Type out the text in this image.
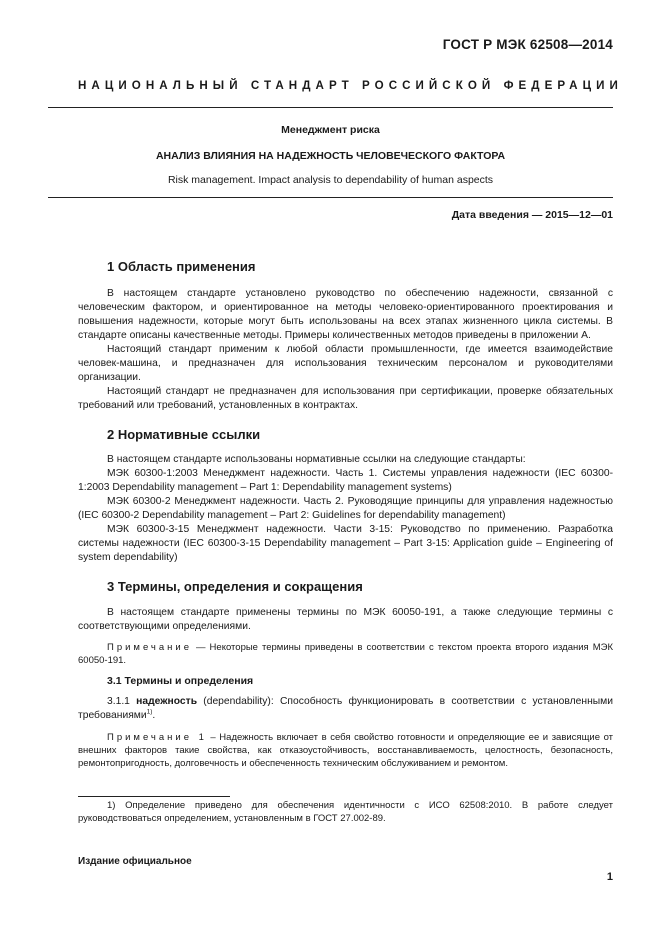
ГОСТ Р МЭК 62508—2014
НАЦИОНАЛЬНЫЙ СТАНДАРТ РОССИЙСКОЙ ФЕДЕРАЦИИ
Менеджмент риска
АНАЛИЗ ВЛИЯНИЯ НА НАДЕЖНОСТЬ ЧЕЛОВЕЧЕСКОГО ФАКТОРА
Risk management. Impact analysis to dependability of human aspects
Дата введения — 2015—12—01
1 Область применения

В настоящем стандарте установлено руководство по обеспечению надежности, связанной с человеческим фактором, и ориентированное на методы человеко-ориентированного проектирования и повышения надежности, которые могут быть использованы на всех этапах жизненного цикла системы. В стандарте описаны качественные методы. Примеры количественных методов приведены в приложении А.

Настоящий стандарт применим к любой области промышленности, где имеется взаимодействие человек-машина, и предназначен для использования техническим персоналом и руководителями организации.

Настоящий стандарт не предназначен для использования при сертификации, проверке обязательных требований или требований, установленных в контрактах.

2 Нормативные ссылки

В настоящем стандарте использованы нормативные ссылки на следующие стандарты:

МЭК 60300-1:2003 Менеджмент надежности. Часть 1. Системы управления надежности (IEC 60300-1:2003 Dependability management – Part 1: Dependability management systems)

МЭК 60300-2 Менеджмент надежности. Часть 2. Руководящие принципы для управления надежностью (IEC 60300-2 Dependability management – Part 2: Guidelines for dependability management)

МЭК 60300-3-15 Менеджмент надежности. Части 3-15: Руководство по применению. Разработка системы надежности (IEC 60300-3-15 Dependability management – Part 3-15: Application guide – Engineering of system dependability)

3 Термины, определения и сокращения

В настоящем стандарте применены термины по МЭК 60050-191, а также следующие термины с соответствующими определениями.

Примечание — Некоторые термины приведены в соответствии с текстом проекта второго издания МЭК 60050-191.

3.1 Термины и определения

3.1.1 надежность (dependability): Способность функционировать в соответствии с установленными требованиями$^{1)}$.

Примечание 1 – Надежность включает в себя свойство готовности и определяющие ее и зависящие от внешних факторов такие свойства, как отказоустойчивость, восстанавливаемость, целостность, безопасность, ремонтопригодность, долговечность и обеспеченность техническим обслуживанием и ремонтом.

1) Определение приведено для обеспечения идентичности с ИСО 62508:2010. В работе следует руководствоваться определением, установленным в ГОСТ 27.002-89.
Издание официальное
1
